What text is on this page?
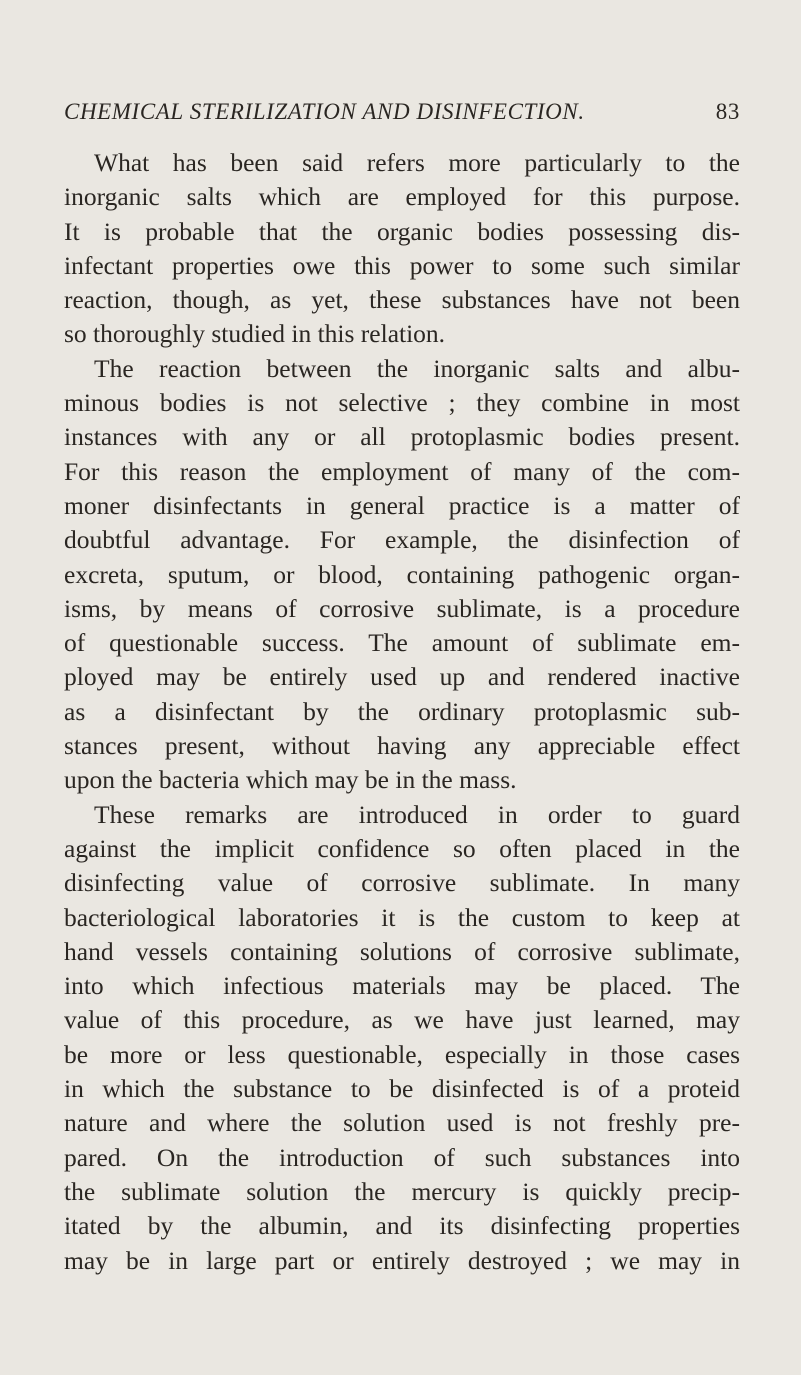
CHEMICAL STERILIZATION AND DISINFECTION.	83
What has been said refers more particularly to the
inorganic salts which are employed for this purpose.
It is probable that the organic bodies possessing dis-
infectant properties owe this power to some such similar
reaction, though, as yet, these substances have not been
so thoroughly studied in this relation.
The reaction between the inorganic salts and albu-
minous bodies is not selective ; they combine in most
instances with any or all protoplasmic bodies present.
For this reason the employment of many of the com-
moner disinfectants in general practice is a matter of
doubtful advantage. For example, the disinfection of
excreta, sputum, or blood, containing pathogenic organ-
isms, by means of corrosive sublimate, is a procedure
of questionable success. The amount of sublimate em-
ployed may be entirely used up and rendered inactive
as a disinfectant by the ordinary protoplasmic sub-
stances present, without having any appreciable effect
upon the bacteria which may be in the mass.
These remarks are introduced in order to guard
against the implicit confidence so often placed in the
disinfecting value of corrosive sublimate. In many
bacteriological laboratories it is the custom to keep at
hand vessels containing solutions of corrosive sublimate,
into which infectious materials may be placed. The
value of this procedure, as we have just learned, may
be more or less questionable, especially in those cases
in which the substance to be disinfected is of a proteid
nature and where the solution used is not freshly pre-
pared. On the introduction of such substances into
the sublimate solution the mercury is quickly precip-
itated by the albumin, and its disinfecting properties
may be in large part or entirely destroyed ; we may in
